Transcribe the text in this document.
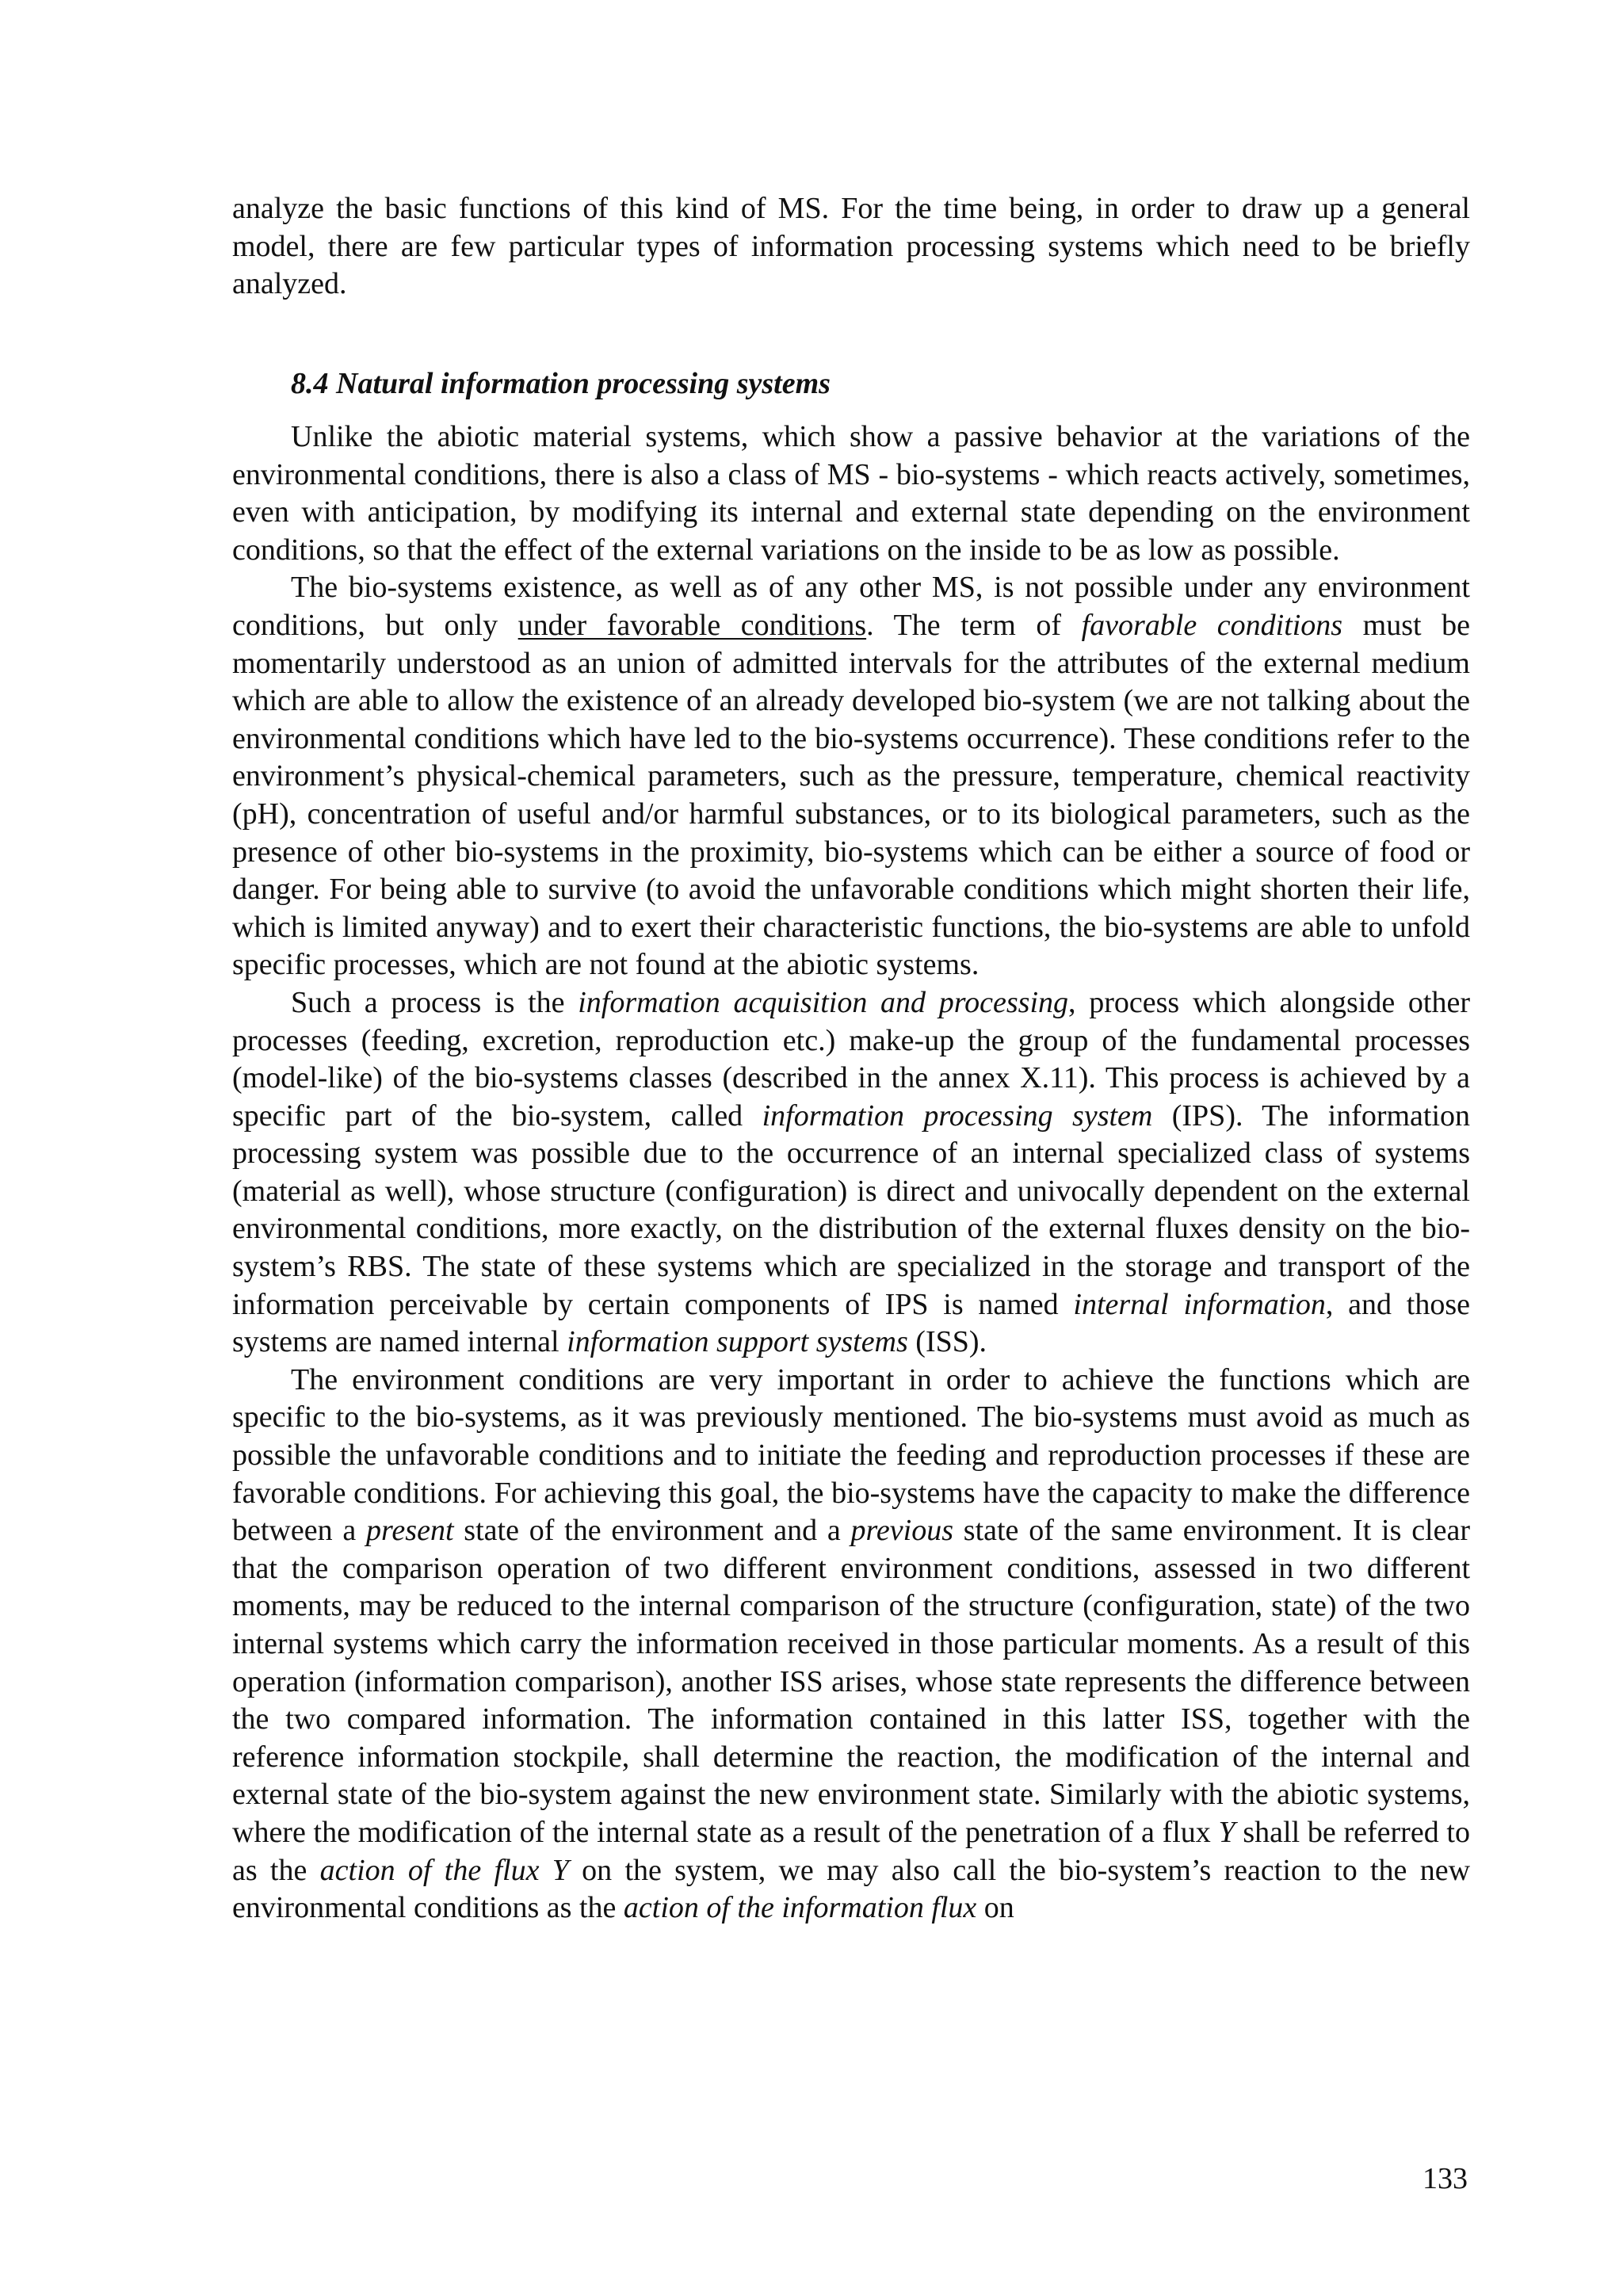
analyze the basic functions of this kind of MS. For the time being, in order to draw up a general model, there are few particular types of information processing systems which need to be briefly analyzed.

8.4 Natural information processing systems

Unlike the abiotic material systems, which show a passive behavior at the variations of the environmental conditions, there is also a class of MS - bio-systems - which reacts actively, sometimes, even with anticipation, by modifying its internal and external state depending on the environment conditions, so that the effect of the external variations on the inside to be as low as possible.

The bio-systems existence, as well as of any other MS, is not possible under any environment conditions, but only under favorable conditions. The term of favorable conditions must be momentarily understood as an union of admitted intervals for the attributes of the external medium which are able to allow the existence of an already developed bio-system (we are not talking about the environmental conditions which have led to the bio-systems occurrence). These conditions refer to the environment’s physical-chemical parameters, such as the pressure, temperature, chemical reactivity (pH), concentration of useful and/or harmful substances, or to its biological parameters, such as the presence of other bio-systems in the proximity, bio-systems which can be either a source of food or danger. For being able to survive (to avoid the unfavorable conditions which might shorten their life, which is limited anyway) and to exert their characteristic functions, the bio-systems are able to unfold specific processes, which are not found at the abiotic systems.

Such a process is the information acquisition and processing, process which alongside other processes (feeding, excretion, reproduction etc.) make-up the group of the fundamental processes (model-like) of the bio-systems classes (described in the annex X.11). This process is achieved by a specific part of the bio-system, called information processing system (IPS). The information processing system was possible due to the occurrence of an internal specialized class of systems (material as well), whose structure (configuration) is direct and univocally dependent on the external environmental conditions, more exactly, on the distribution of the external fluxes density on the bio-system’s RBS. The state of these systems which are specialized in the storage and transport of the information perceivable by certain components of IPS is named internal information, and those systems are named internal information support systems (ISS).

The environment conditions are very important in order to achieve the functions which are specific to the bio-systems, as it was previously mentioned. The bio-systems must avoid as much as possible the unfavorable conditions and to initiate the feeding and reproduction processes if these are favorable conditions. For achieving this goal, the bio-systems have the capacity to make the difference between a present state of the environment and a previous state of the same environment. It is clear that the comparison operation of two different environment conditions, assessed in two different moments, may be reduced to the internal comparison of the structure (configuration, state) of the two internal systems which carry the information received in those particular moments. As a result of this operation (information comparison), another ISS arises, whose state represents the difference between the two compared information. The information contained in this latter ISS, together with the reference information stockpile, shall determine the reaction, the modification of the internal and external state of the bio-system against the new environment state. Similarly with the abiotic systems, where the modification of the internal state as a result of the penetration of a flux Y shall be referred to as the action of the flux Y on the system, we may also call the bio-system’s reaction to the new environmental conditions as the action of the information flux on

133
